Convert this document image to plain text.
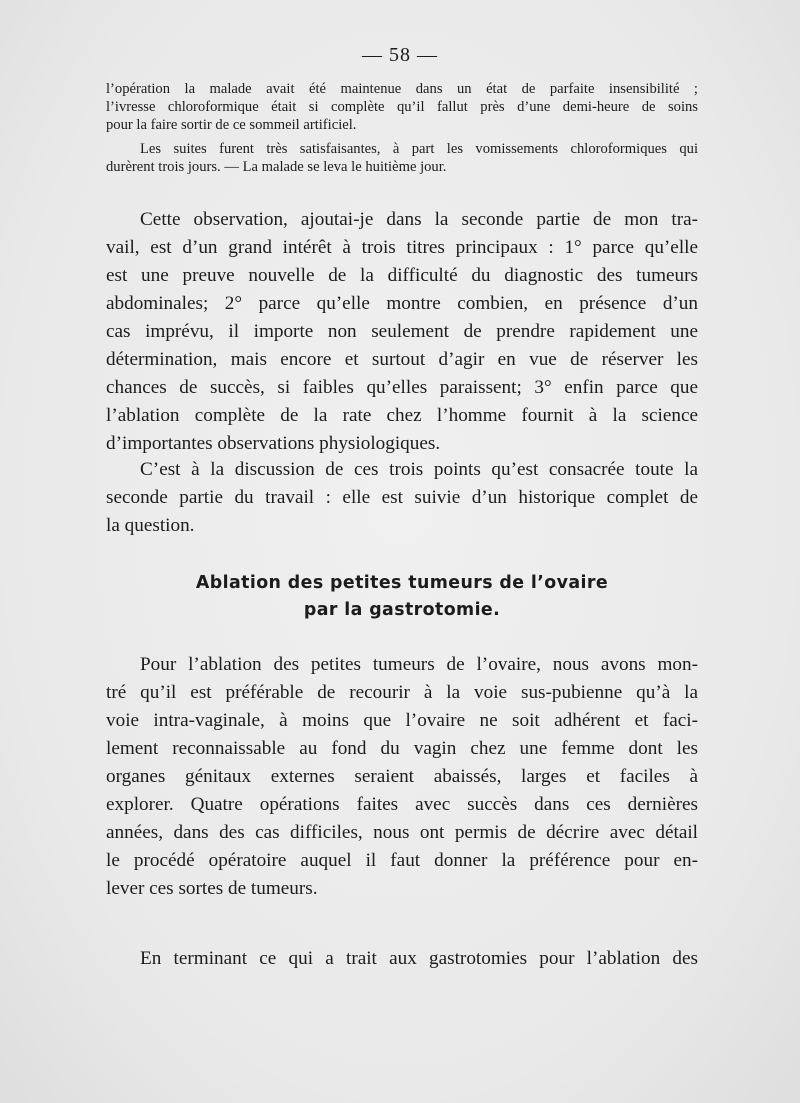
— 58 —

l’opération la malade avait été maintenue dans un état de parfaite insensibilité ;
l’ivresse chloroformique était si complète qu’il fallut près d’une demi-heure de soins
pour la faire sortir de ce sommeil artificiel.

Les suites furent très satisfaisantes, à part les vomissements chloroformiques qui
durèrent trois jours. — La malade se leva le huitième jour.

Cette observation, ajoutai-je dans la seconde partie de mon tra-
vail, est d’un grand intérêt à trois titres principaux : 1° parce qu’elle
est une preuve nouvelle de la difficulté du diagnostic des tumeurs
abdominales; 2° parce qu’elle montre combien, en présence d’un
cas imprévu, il importe non seulement de prendre rapidement une
détermination, mais encore et surtout d’agir en vue de réserver les
chances de succès, si faibles qu’elles paraissent; 3° enfin parce que
l’ablation complète de la rate chez l’homme fournit à la science
d’importantes observations physiologiques.
C’est à la discussion de ces trois points qu’est consacrée toute la
seconde partie du travail : elle est suivie d’un historique complet de
la question.
Ablation des petites tumeurs de l’ovaire
par la gastrotomie.
Pour l’ablation des petites tumeurs de l’ovaire, nous avons mon-
tré qu’il est préférable de recourir à la voie sus-pubienne qu’à la
voie intra-vaginale, à moins que l’ovaire ne soit adhérent et faci-
lement reconnaissable au fond du vagin chez une femme dont les
organes génitaux externes seraient abaissés, larges et faciles à
explorer. Quatre opérations faites avec succès dans ces dernières
années, dans des cas difficiles, nous ont permis de décrire avec détail
le procédé opératoire auquel il faut donner la préférence pour en-
lever ces sortes de tumeurs.
En terminant ce qui a trait aux gastrotomies pour l’ablation des
